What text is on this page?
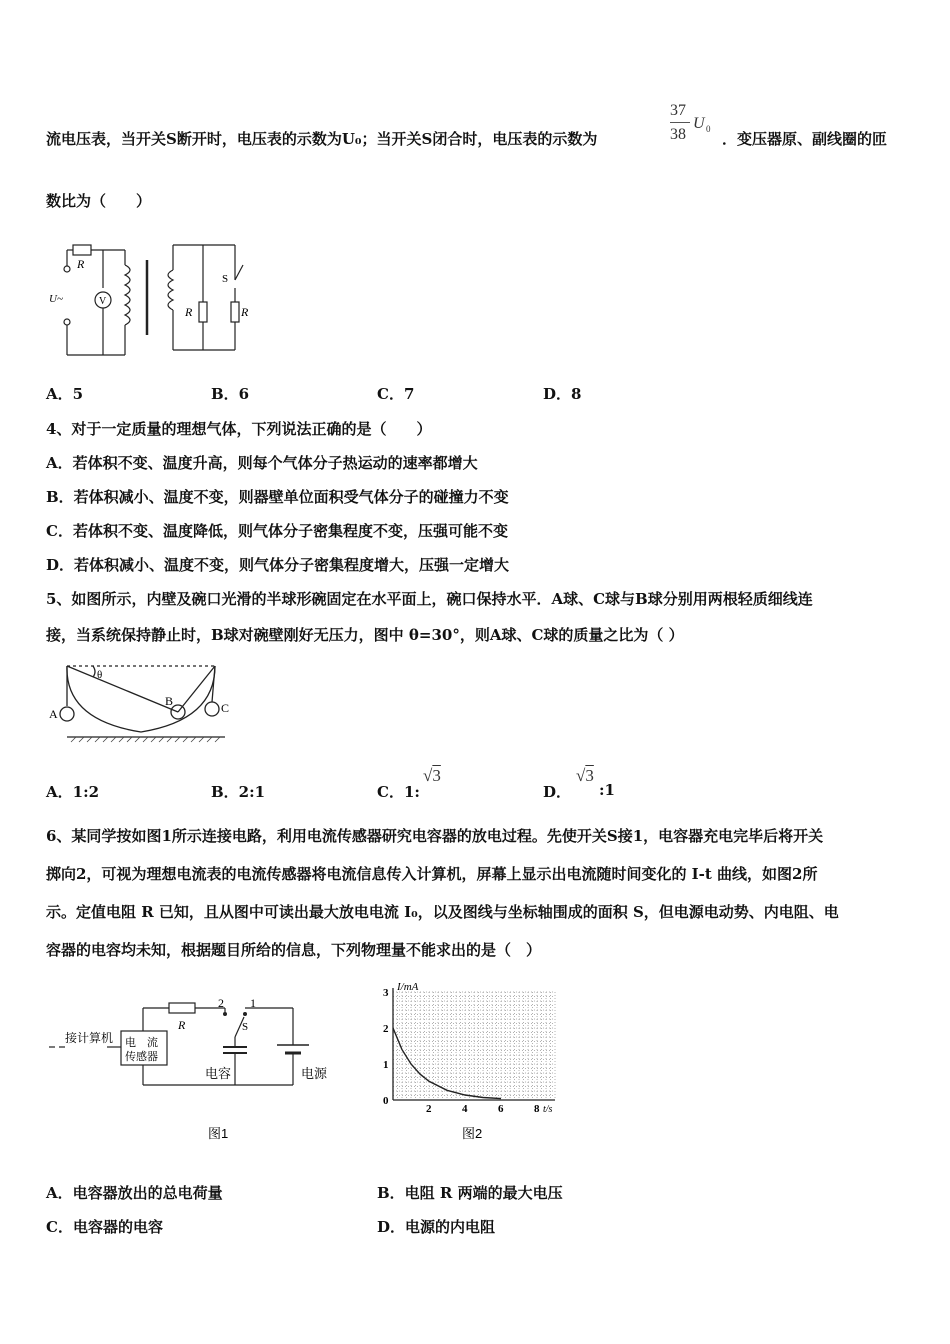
流电压表，当开关S断开时，电压表的示数为U₀；当开关S闭合时，电压表的示数为
37
38
U 0
．变压器原、副线圈的匝
数比为（　　）
R
U~	V
S
R	R
A．5	B．6	C．7	D．8
4、对于一定质量的理想气体，下列说法正确的是（　　）
A．若体积不变、温度升高，则每个气体分子热运动的速率都增大
B．若体积减小、温度不变，则器壁单位面积受气体分子的碰撞力不变
C．若体积不变、温度降低，则气体分子密集程度不变，压强可能不变
D．若体积减小、温度不变，则气体分子密集程度增大，压强一定增大
5、如图所示，内壁及碗口光滑的半球形碗固定在水平面上，碗口保持水平．A球、C球与B球分别用两根轻质细线连
接，当系统保持静止时，B球对碗壁刚好无压力，图中 θ=30°，则A球、C球的质量之比为（ ）
A
B	C
θ
A．1:2	B．2:1	C．1:
√3
D．
√3
:1
6、某同学按如图1所示连接电路，利用电流传感器研究电容器的放电过程。先使开关S接1，电容器充电完毕后将开关
掷向2，可视为理想电流表的电流传感器将电流信息传入计算机，屏幕上显示出电流随时间变化的 I-t 曲线，如图2所
示。定值电阻 R 已知，且从图中可读出最大放电电流 I₀，以及图线与坐标轴围成的面积 S，但电源电动势、内电阻、电
容器的电容均未知，根据题目所给的信息，下列物理量不能求出的是（　）
接计算机 电　流
传感器
R
2 1
S
电容	电源
图1
I/mA
t/s
3
2
1
0
2	4	6	8
图2
A．电容器放出的总电荷量	B．电阻 R 两端的最大电压
C．电容器的电容	D．电源的内电阻
